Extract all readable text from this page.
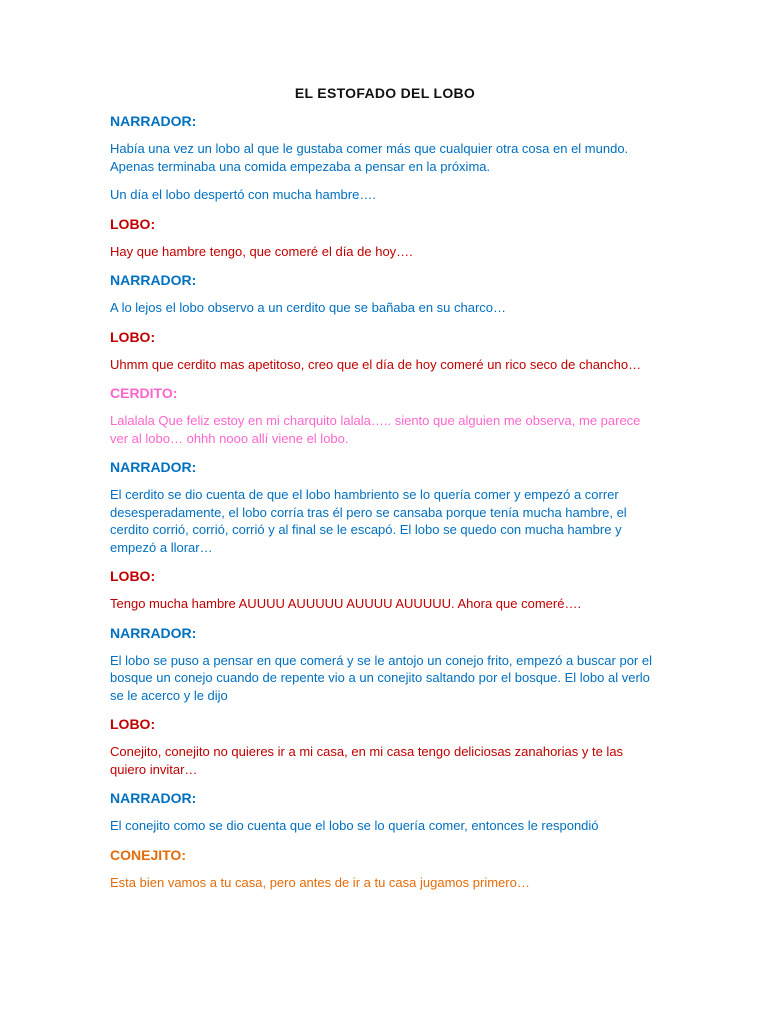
EL ESTOFADO DEL LOBO
NARRADOR:
Había una vez un lobo al que le gustaba comer más que cualquier otra cosa en el mundo. Apenas terminaba una comida empezaba a pensar en la próxima.
Un día el lobo despertó con mucha hambre….
LOBO:
Hay que hambre tengo, que comeré el día de hoy….
NARRADOR:
A lo lejos el lobo observo a un cerdito que se bañaba en su charco…
LOBO:
Uhmm que cerdito mas apetitoso, creo que el día de hoy comeré un rico seco de chancho…
CERDITO:
Lalalala Que feliz estoy en mi charquito lalala….. siento que alguien me observa, me parece ver al lobo… ohhh nooo allí viene el lobo.
NARRADOR:
El cerdito se dio cuenta de que el lobo hambriento se lo quería comer y empezó a correr desesperadamente, el lobo corría tras él pero se cansaba porque tenía mucha hambre, el cerdito corrió, corrió, corrió y al final se le escapó. El lobo se quedo con mucha hambre y empezó a llorar…
LOBO:
Tengo mucha hambre AUUUU AUUUUU AUUUU AUUUUU. Ahora que comeré….
NARRADOR:
El lobo se puso a pensar en que comerá y se le antojo un conejo frito, empezó a buscar por el bosque un conejo cuando de repente vio a un conejito saltando por el bosque. El lobo al verlo se le acerco y le dijo
LOBO:
Conejito, conejito no quieres ir a mi casa, en mi casa tengo deliciosas zanahorias y te las quiero invitar…
NARRADOR:
El conejito como se dio cuenta que el lobo se lo quería comer, entonces le respondió
CONEJITO:
Esta bien vamos a tu casa, pero antes de ir a tu casa jugamos primero…
